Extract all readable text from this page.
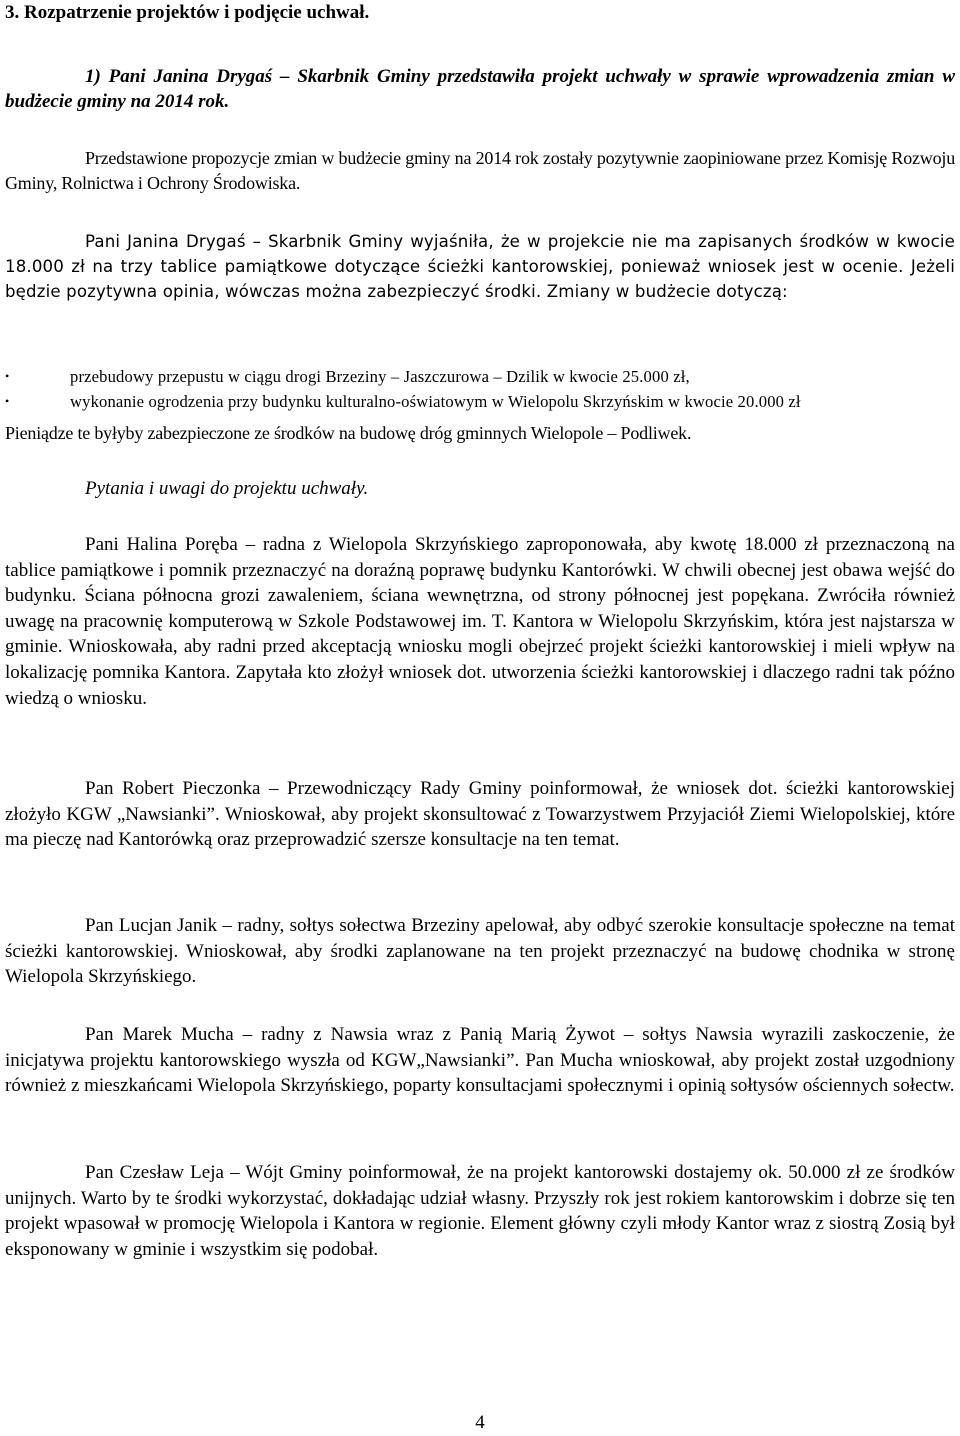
3. Rozpatrzenie projektów i podjęcie uchwał.

1) Pani Janina Drygaś – Skarbnik Gminy przedstawiła projekt uchwały w sprawie wprowadzenia zmian w budżecie gminy na 2014 rok.

Przedstawione propozycje zmian w budżecie gminy na 2014 rok zostały pozytywnie zaopiniowane przez Komisję Rozwoju Gminy, Rolnictwa i Ochrony Środowiska.

Pani Janina Drygaś – Skarbnik Gminy wyjaśniła, że w projekcie nie ma zapisanych środków w kwocie 18.000 zł na trzy tablice pamiątkowe dotyczące ścieżki kantorowskiej, ponieważ wniosek jest w ocenie. Jeżeli będzie pozytywna opinia, wówczas można zabezpieczyć środki. Zmiany w budżecie dotyczą:

•	przebudowy przepustu w ciągu drogi Brzeziny – Jaszczurowa – Dzilik w kwocie 25.000 zł,
•	wykonanie ogrodzenia przy budynku kulturalno-oświatowym w Wielopolu Skrzyńskim w kwocie 20.000 zł

Pieniądze te byłyby zabezpieczone ze środków na budowę dróg gminnych Wielopole – Podliwek.

Pytania i uwagi do projektu uchwały.

Pani Halina Poręba – radna z Wielopola Skrzyńskiego zaproponowała, aby kwotę 18.000 zł przeznaczoną na tablice pamiątkowe i pomnik przeznaczyć na doraźną poprawę budynku Kantorówki. W chwili obecnej jest obawa wejść do budynku. Ściana północna grozi zawaleniem, ściana wewnętrzna, od strony północnej jest popękana. Zwróciła również uwagę na pracownię komputerową w Szkole Podstawowej im. T. Kantora w Wielopolu Skrzyńskim, która jest najstarsza w gminie. Wnioskowała, aby radni przed akceptacją wniosku mogli obejrzeć projekt ścieżki kantorowskiej i mieli wpływ na lokalizację pomnika Kantora. Zapytała kto złożył wniosek dot. utworzenia ścieżki kantorowskiej i dlaczego radni tak późno wiedzą o wniosku.

Pan Robert Pieczonka – Przewodniczący Rady Gminy poinformował, że wniosek dot. ścieżki kantorowskiej złożyło KGW „Nawsianki”. Wnioskował, aby projekt skonsultować z Towarzystwem Przyjaciół Ziemi Wielopolskiej, które ma pieczę nad Kantorówką oraz przeprowadzić szersze konsultacje na ten temat.

Pan Lucjan Janik – radny, sołtys sołectwa Brzeziny apelował, aby odbyć szerokie konsultacje społeczne na temat ścieżki kantorowskiej. Wnioskował, aby środki zaplanowane na ten projekt przeznaczyć na budowę chodnika w stronę Wielopola Skrzyńskiego.

Pan Marek Mucha – radny z Nawsia wraz z Panią Marią Żywot – sołtys Nawsia wyrazili zaskoczenie, że inicjatywa projektu kantorowskiego wyszła od KGW„Nawsianki”. Pan Mucha wnioskował, aby projekt został uzgodniony również z mieszkańcami Wielopola Skrzyńskiego, poparty konsultacjami społecznymi i opinią sołtysów ościennych sołectw.

Pan Czesław Leja – Wójt Gminy poinformował, że na projekt kantorowski dostajemy ok. 50.000 zł ze środków unijnych. Warto by te środki wykorzystać, dokładając udział własny. Przyszły rok jest rokiem kantorowskim i dobrze się ten projekt wpasował w promocję Wielopola i Kantora w regionie. Element główny czyli młody Kantor wraz z siostrą Zosią był eksponowany w gminie i wszystkim się podobał.

4
